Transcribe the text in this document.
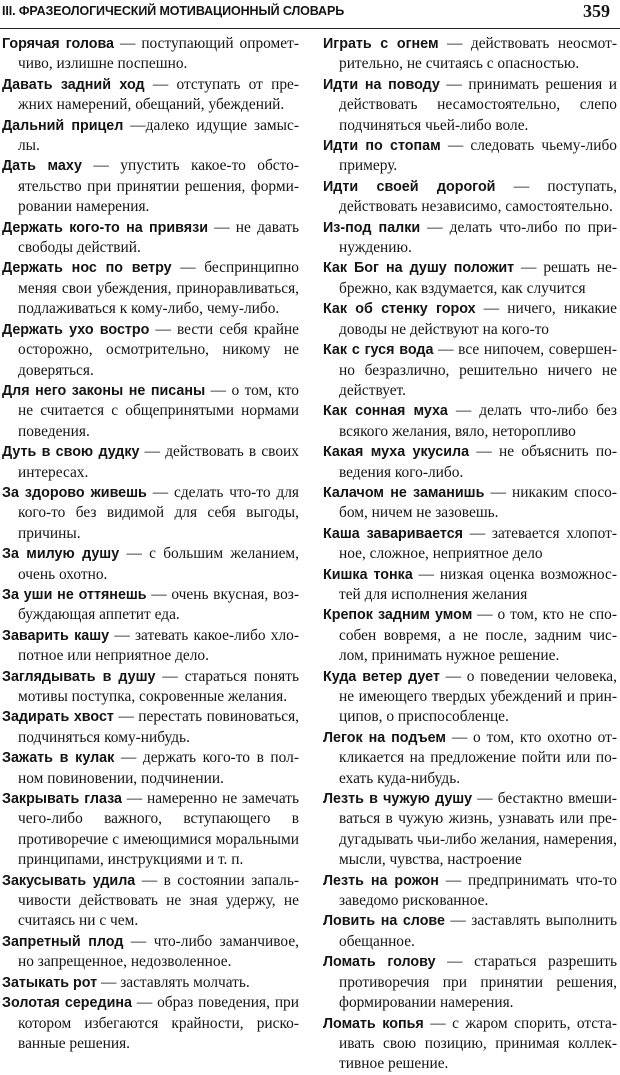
III. ФРАЗЕОЛОГИЧЕСКИЙ МОТИВАЦИОННЫЙ СЛОВАРЬ	359

Горячая голова — поступающий опрометчиво, излишне поспешно.

Давать задний ход — отступать от прежних намерений, обещаний, убеждений.

Дальний прицел —далеко идущие замыслы.

Дать маху — упустить какое-то обстоятельство при принятии решения, формировании намерения.

Держать кого-то на привязи — не давать свободы действий.

Держать нос по ветру — беспринципно меняя свои убеждения, приноравливаться, подлаживаться к кому-либо, чему-либо.

Держать ухо востро — вести себя крайне осторожно, осмотрительно, никому не доверяться.

Для него законы не писаны — о том, кто не считается с общепринятыми нормами поведения.

Дуть в свою дудку — действовать в своих интересах.

За здорово живешь — сделать что-то для кого-то без видимой для себя выгоды, причины.

За милую душу — с большим желанием, очень охотно.

За уши не оттянешь — очень вкусная, возбуждающая аппетит еда.

Заварить кашу — затевать какое-либо хлопотное или неприятное дело.

Заглядывать в душу — стараться понять мотивы поступка, сокровенные желания.

Задирать хвост — перестать повиноваться, подчиняться кому-нибудь.

Зажать в кулак — держать кого-то в полном повиновении, подчинении.

Закрывать глаза — намеренно не замечать чего-либо важного, вступающего в противоречие с имеющимися моральными принципами, инструкциями и т. п.

Закусывать удила — в состоянии запальчивости действовать не зная удержу, не считаясь ни с чем.

Запретный плод — что-либо заманчивое, но запрещенное, недозволенное.

Затыкать рот — заставлять молчать.

Золотая середина — образ поведения, при котором избегаются крайности, рискованные решения.

Играть с огнем — действовать неосмотрительно, не считаясь с опасностью.

Идти на поводу — принимать решения и действовать несамостоятельно, слепо подчиняться чьей-либо воле.

Идти по стопам — следовать чьему-либо примеру.

Идти своей дорогой — поступать, действовать независимо, самостоятельно.

Из-под палки — делать что-либо по принуждению.

Как Бог на душу положит — решать небрежно, как вздумается, как случится

Как об стенку горох — ничего, никакие доводы не действуют на кого-то

Как с гуся вода — все нипочем, совершенно безразлично, решительно ничего не действует.

Как сонная муха — делать что-либо без всякого желания, вяло, неторопливо

Какая муха укусила — не объяснить поведения кого-либо.

Калачом не заманишь — никаким способом, ничем не зазовешь.

Каша заваривается — затевается хлопотное, сложное, неприятное дело

Кишка тонка — низкая оценка возможностей для исполнения желания

Крепок задним умом — о том, кто не способен вовремя, а не после, задним числом, принимать нужное решение.

Куда ветер дует — о поведении человека, не имеющего твердых убеждений и принципов, о приспособленце.

Легок на подъем — о том, кто охотно откликается на предложение пойти или поехать куда-нибудь.

Лезть в чужую душу — бестактно вмешиваться в чужую жизнь, узнавать или предугадывать чьи-либо желания, намерения, мысли, чувства, настроение

Лезть на рожон — предпринимать что-то заведомо рискованное.

Ловить на слове — заставлять выполнить обещанное.

Ломать голову — стараться разрешить противоречия при принятии решения, формировании намерения.

Ломать копья — с жаром спорить, отстаивать свою позицию, принимая коллективное решение.
